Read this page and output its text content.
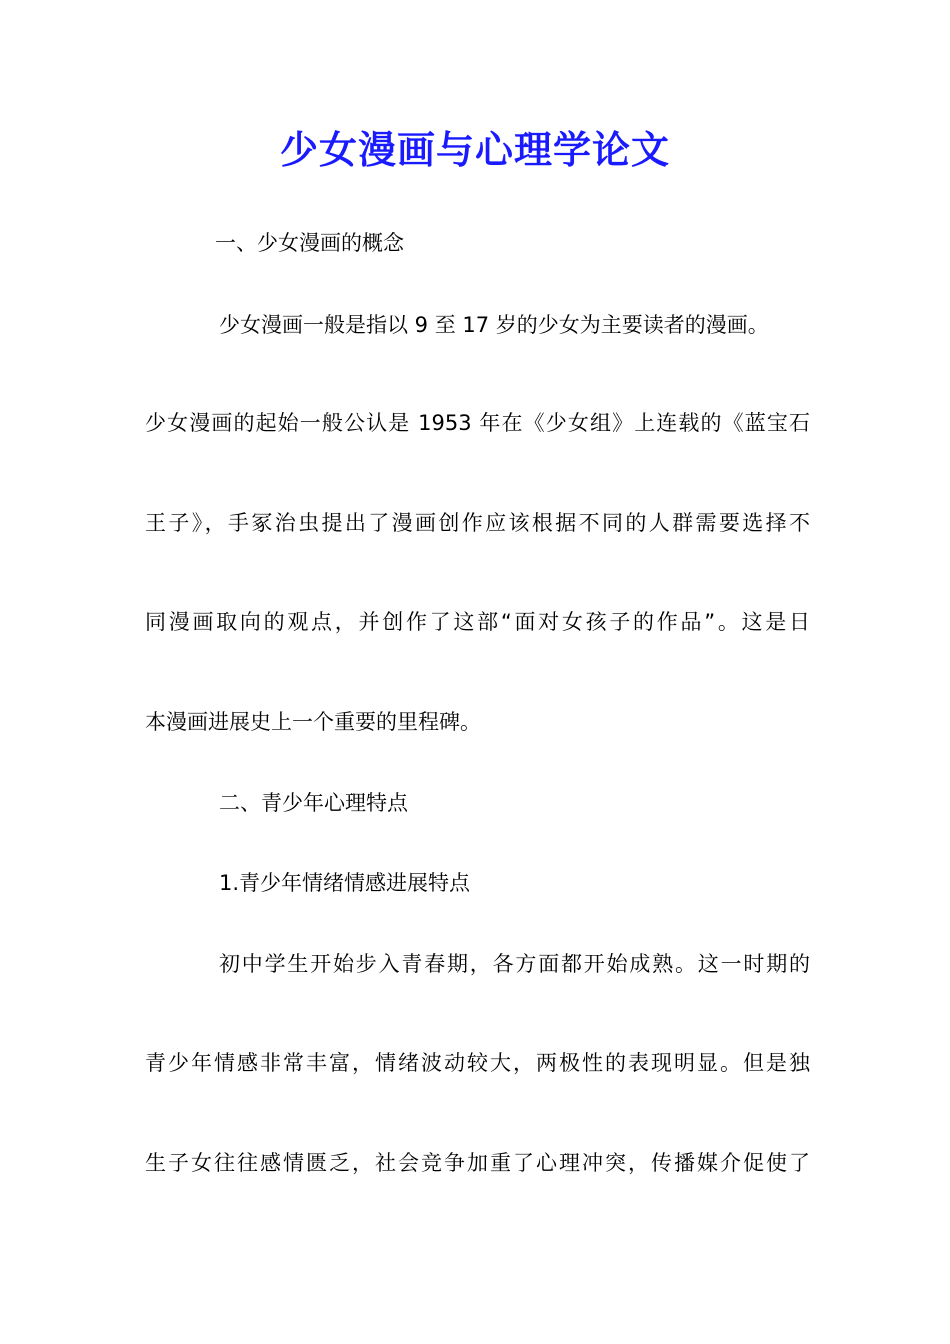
少女漫画与心理学论文
一、少女漫画的概念
少女漫画一般是指以 9 至 17 岁的少女为主要读者的漫画。
少女漫画的起始一般公认是 1953 年在《少女组》上连载的《蓝宝石
王子》，手冢治虫提出了漫画创作应该根据不同的人群需要选择不
同漫画取向的观点，并创作了这部“面对女孩子的作品”。这是日
本漫画进展史上一个重要的里程碑。
二、青少年心理特点
1.青少年情绪情感进展特点
初中学生开始步入青春期，各方面都开始成熟。这一时期的
青少年情感非常丰富，情绪波动较大，两极性的表现明显。但是独
生子女往往感情匮乏，社会竞争加重了心理冲突，传播媒介促使了
